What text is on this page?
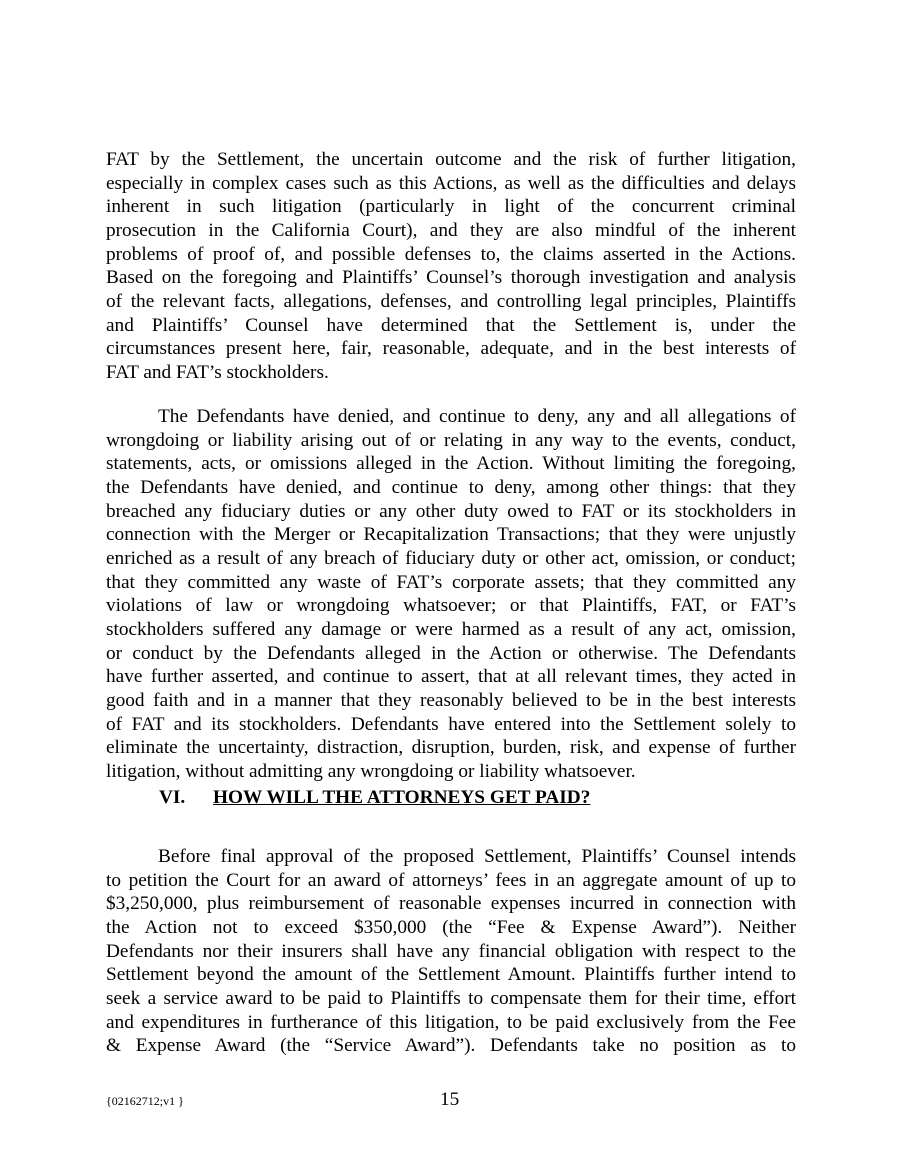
FAT by the Settlement, the uncertain outcome and the risk of further litigation,
especially in complex cases such as this Actions, as well as the difficulties and delays
inherent in such litigation (particularly in light of the concurrent criminal
prosecution in the California Court), and they are also mindful of the inherent
problems of proof of, and possible defenses to, the claims asserted in the Actions.
Based on the foregoing and Plaintiffs’ Counsel’s thorough investigation and analysis
of the relevant facts, allegations, defenses, and controlling legal principles, Plaintiffs
and Plaintiffs’ Counsel have determined that the Settlement is, under the
circumstances present here, fair, reasonable, adequate, and in the best interests of
FAT and FAT’s stockholders.
The Defendants have denied, and continue to deny, any and all allegations of
wrongdoing or liability arising out of or relating in any way to the events, conduct,
statements, acts, or omissions alleged in the Action. Without limiting the foregoing,
the Defendants have denied, and continue to deny, among other things: that they
breached any fiduciary duties or any other duty owed to FAT or its stockholders in
connection with the Merger or Recapitalization Transactions; that they were unjustly
enriched as a result of any breach of fiduciary duty or other act, omission, or conduct;
that they committed any waste of FAT’s corporate assets; that they committed any
violations of law or wrongdoing whatsoever; or that Plaintiffs, FAT, or FAT’s
stockholders suffered any damage or were harmed as a result of any act, omission,
or conduct by the Defendants alleged in the Action or otherwise. The Defendants
have further asserted, and continue to assert, that at all relevant times, they acted in
good faith and in a manner that they reasonably believed to be in the best interests
of FAT and its stockholders. Defendants have entered into the Settlement solely to
eliminate the uncertainty, distraction, disruption, burden, risk, and expense of further
litigation, without admitting any wrongdoing or liability whatsoever.
VI. HOW WILL THE ATTORNEYS GET PAID?
Before final approval of the proposed Settlement, Plaintiffs’ Counsel intends
to petition the Court for an award of attorneys’ fees in an aggregate amount of up to
$3,250,000, plus reimbursement of reasonable expenses incurred in connection with
the Action not to exceed $350,000 (the “Fee & Expense Award”). Neither
Defendants nor their insurers shall have any financial obligation with respect to the
Settlement beyond the amount of the Settlement Amount. Plaintiffs further intend to
seek a service award to be paid to Plaintiffs to compensate them for their time, effort
and expenditures in furtherance of this litigation, to be paid exclusively from the Fee
& Expense Award (the “Service Award”). Defendants take no position as to
{02162712;v1 }	15
